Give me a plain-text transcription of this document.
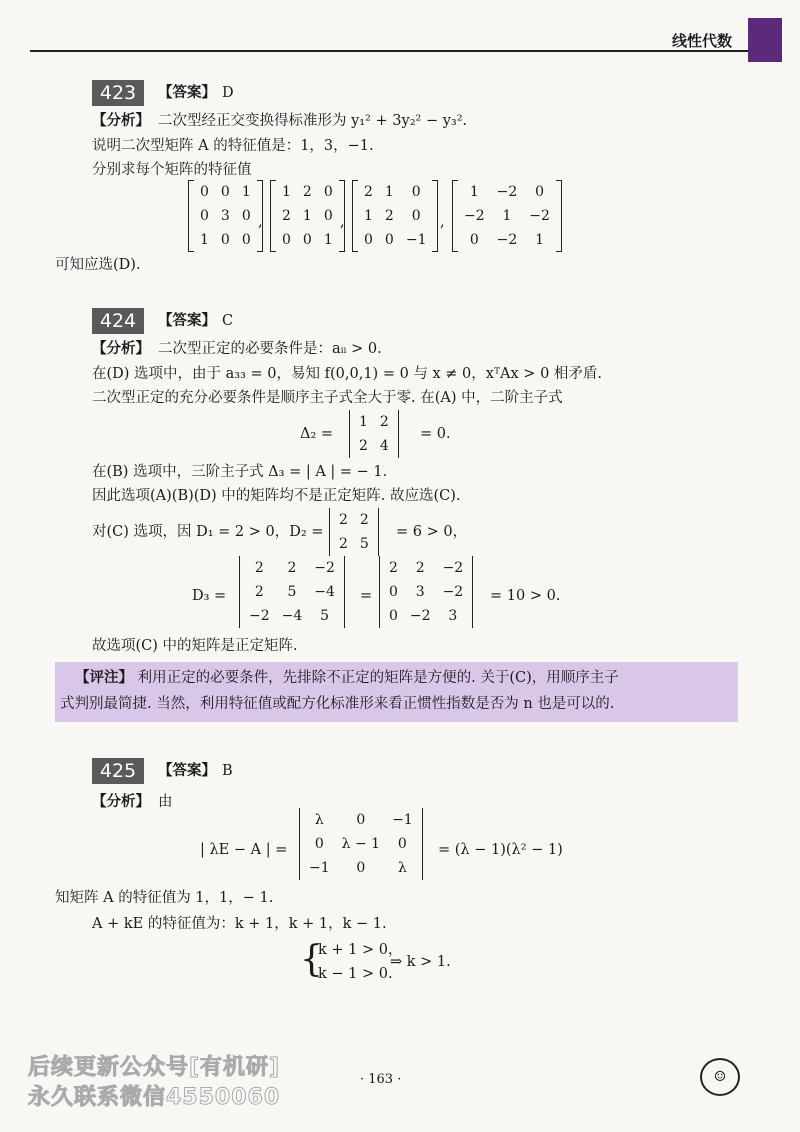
线性代数
423	【答案】 D
【分析】 二次型经正交变换得标准形为 y₁² + 3y₂² − y₃².
说明二次型矩阵 A 的特征值是：1，3，−1.
分别求每个矩阵的特征值
0	0	1
0	3	0
1	0	0
,
1	2	0
2	1	0
0	0	1
,
2	1	0
1	2	0
0	0	−1
,
1	−2	0
−2	1	−2
0	−2	1
可知应选(D).
424	【答案】 C
【分析】 二次型正定的必要条件是：aᵢᵢ > 0.
在(D) 选项中，由于 a₃₃ = 0，易知 f(0,0,1) = 0 与 x ≠ 0，xᵀAx > 0 相矛盾.
二次型正定的充分必要条件是顺序主子式全大于零. 在(A) 中，二阶主子式
Δ₂ =
1	2
2	4
= 0.
在(B) 选项中，三阶主子式 Δ₃ = | A | = − 1.
因此选项(A)(B)(D) 中的矩阵均不是正定矩阵. 故应选(C).
对(C) 选项，因 D₁ = 2 > 0，D₂ =
2	2
2	5
= 6 > 0，
D₃ =
2	2	−2
2	5	−4
−2	−4	5
=
2	2	−2
0	3	−2
0	−2	3
= 10 > 0.
故选项(C) 中的矩阵是正定矩阵.
【评注】 利用正定的必要条件，先排除不正定的矩阵是方便的. 关于(C)，用顺序主子
式判别最简捷. 当然，利用特征值或配方化标准形来看正惯性指数是否为 n 也是可以的.
425	【答案】 B
【分析】 由
| λE − A | =
λ	0	−1
0	λ − 1	0
−1	0	λ
= (λ − 1)(λ² − 1)
知矩阵 A 的特征值为 1，1，− 1.
A + kE 的特征值为：k + 1，k + 1，k − 1.
{
k + 1 > 0，
k − 1 > 0.
⇒ k > 1.
· 163 ·
后续更新公众号[有机研]
永久联系微信4550060
☺
